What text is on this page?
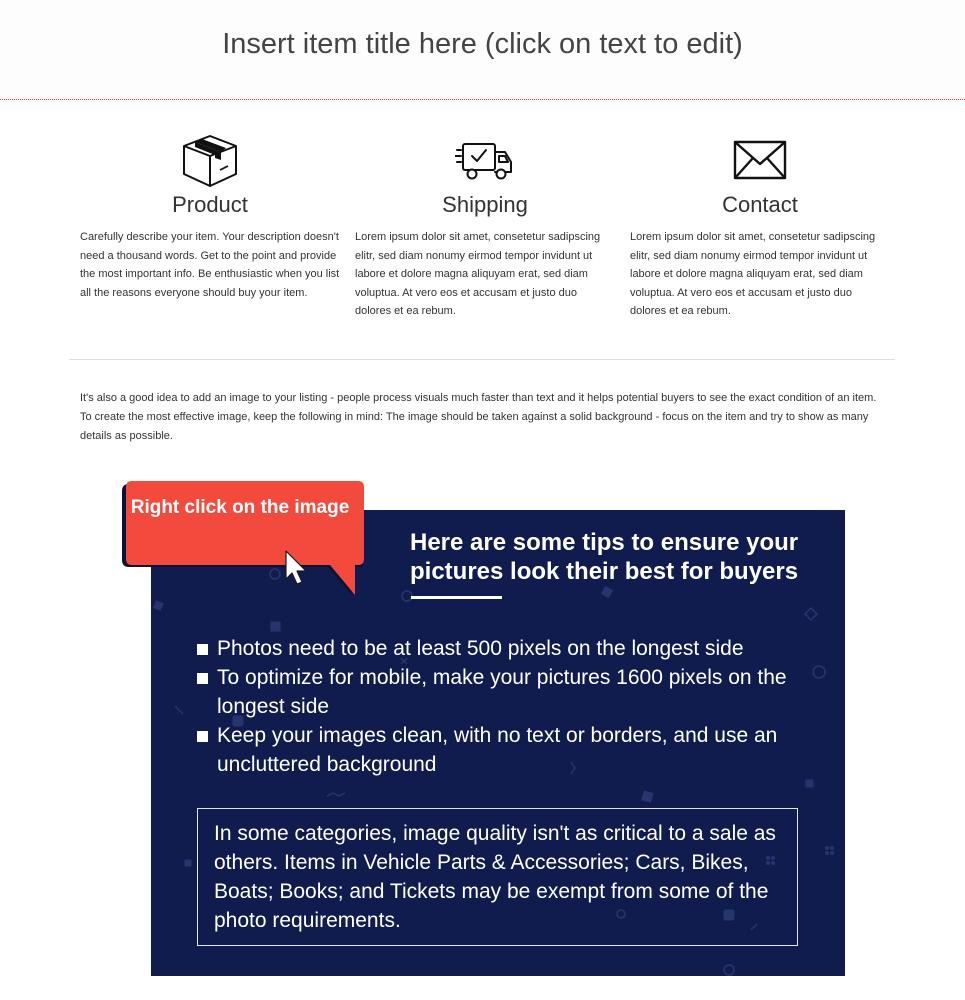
Insert item title here (click on text to edit)
Product

Carefully describe your item. Your description doesn't need a thousand words. Get to the point and provide the most important info. Be enthusiastic when you list all the reasons everyone should buy your item.

Shipping

Lorem ipsum dolor sit amet, consetetur sadipscing elitr, sed diam nonumy eirmod tempor invidunt ut labore et dolore magna aliquyam erat, sed diam voluptua. At vero eos et accusam et justo duo dolores et ea rebum.

Contact

Lorem ipsum dolor sit amet, consetetur sadipscing elitr, sed diam nonumy eirmod tempor invidunt ut labore et dolore magna aliquyam erat, sed diam voluptua. At vero eos et accusam et justo duo dolores et ea rebum.

It's also a good idea to add an image to your listing - people process visuals much faster than text and it helps potential buyers to see the exact condition of an item. To create the most effective image, keep the following in mind: The image should be taken against a solid background - focus on the item and try to show as many details as possible.

Here are some tips to ensure your pictures look their best for buyers
Photos need to be at least 500 pixels on the longest side
To optimize for mobile, make your pictures 1600 pixels on the longest side
Keep your images clean, with no text or borders, and use an uncluttered background

In some categories, image quality isn't as critical to a sale as others. Items in Vehicle Parts & Accessories; Cars, Bikes, Boats; Books; and Tickets may be exempt from some of the photo requirements.

Right click on the image
